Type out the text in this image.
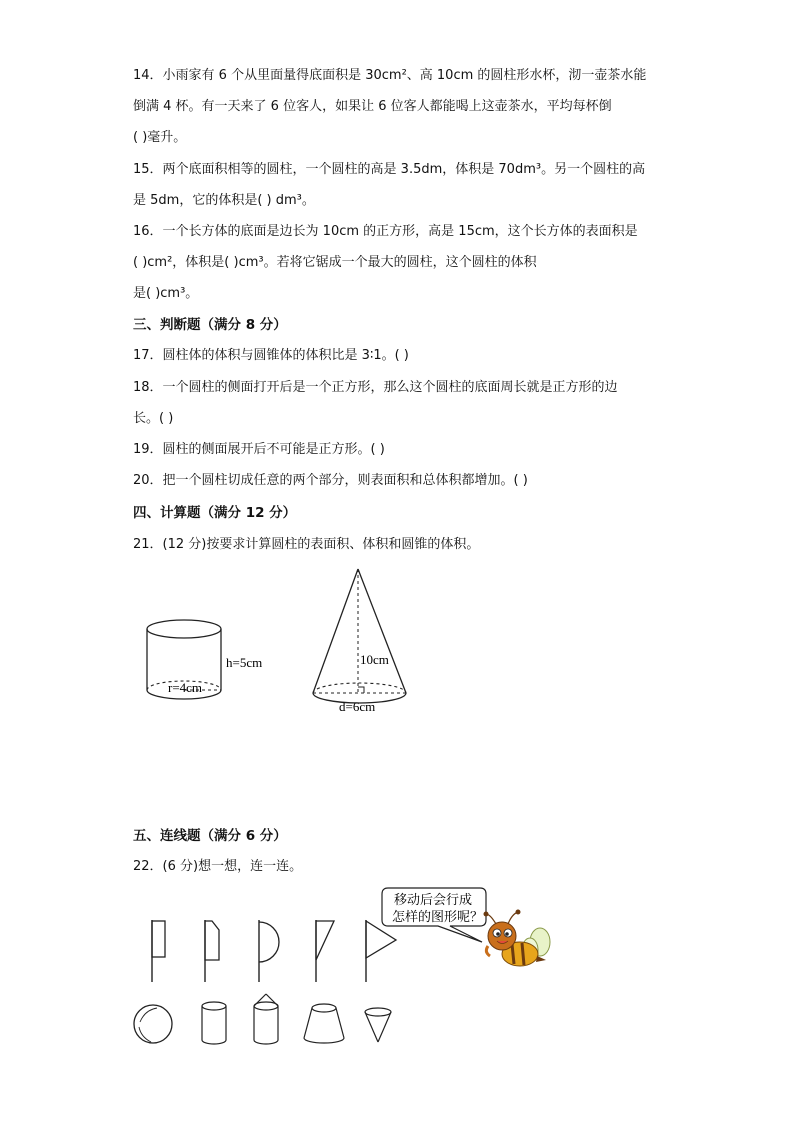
14．小雨家有 6 个从里面量得底面积是 30cm²、高 10cm 的圆柱形水杯，沏一壶茶水能
倒满 4 杯。有一天来了 6 位客人，如果让 6 位客人都能喝上这壶茶水，平均每杯倒
( )毫升。
15．两个底面积相等的圆柱，一个圆柱的高是 3.5dm，体积是 70dm³。另一个圆柱的高
是 5dm，它的体积是( ) dm³。
16．一个长方体的底面是边长为 10cm 的正方形，高是 15cm，这个长方体的表面积是
( )cm²，体积是( )cm³。若将它锯成一个最大的圆柱，这个圆柱的体积
是( )cm³。
三、判断题（满分 8 分）
17．圆柱体的体积与圆锥体的体积比是 3∶1。( )
18．一个圆柱的侧面打开后是一个正方形，那么这个圆柱的底面周长就是正方形的边
长。( )
19．圆柱的侧面展开后不可能是正方形。( )
20．把一个圆柱切成任意的两个部分，则表面积和总体积都增加。( )
四、计算题（满分 12 分）
21．(12 分)按要求计算圆柱的表面积、体积和圆锥的体积。
h=5cm
r=4cm
10cm
d=6cm
五、连线题（满分 6 分）
22．(6 分)想一想，连一连。
移动后会行成
怎样的图形呢？
